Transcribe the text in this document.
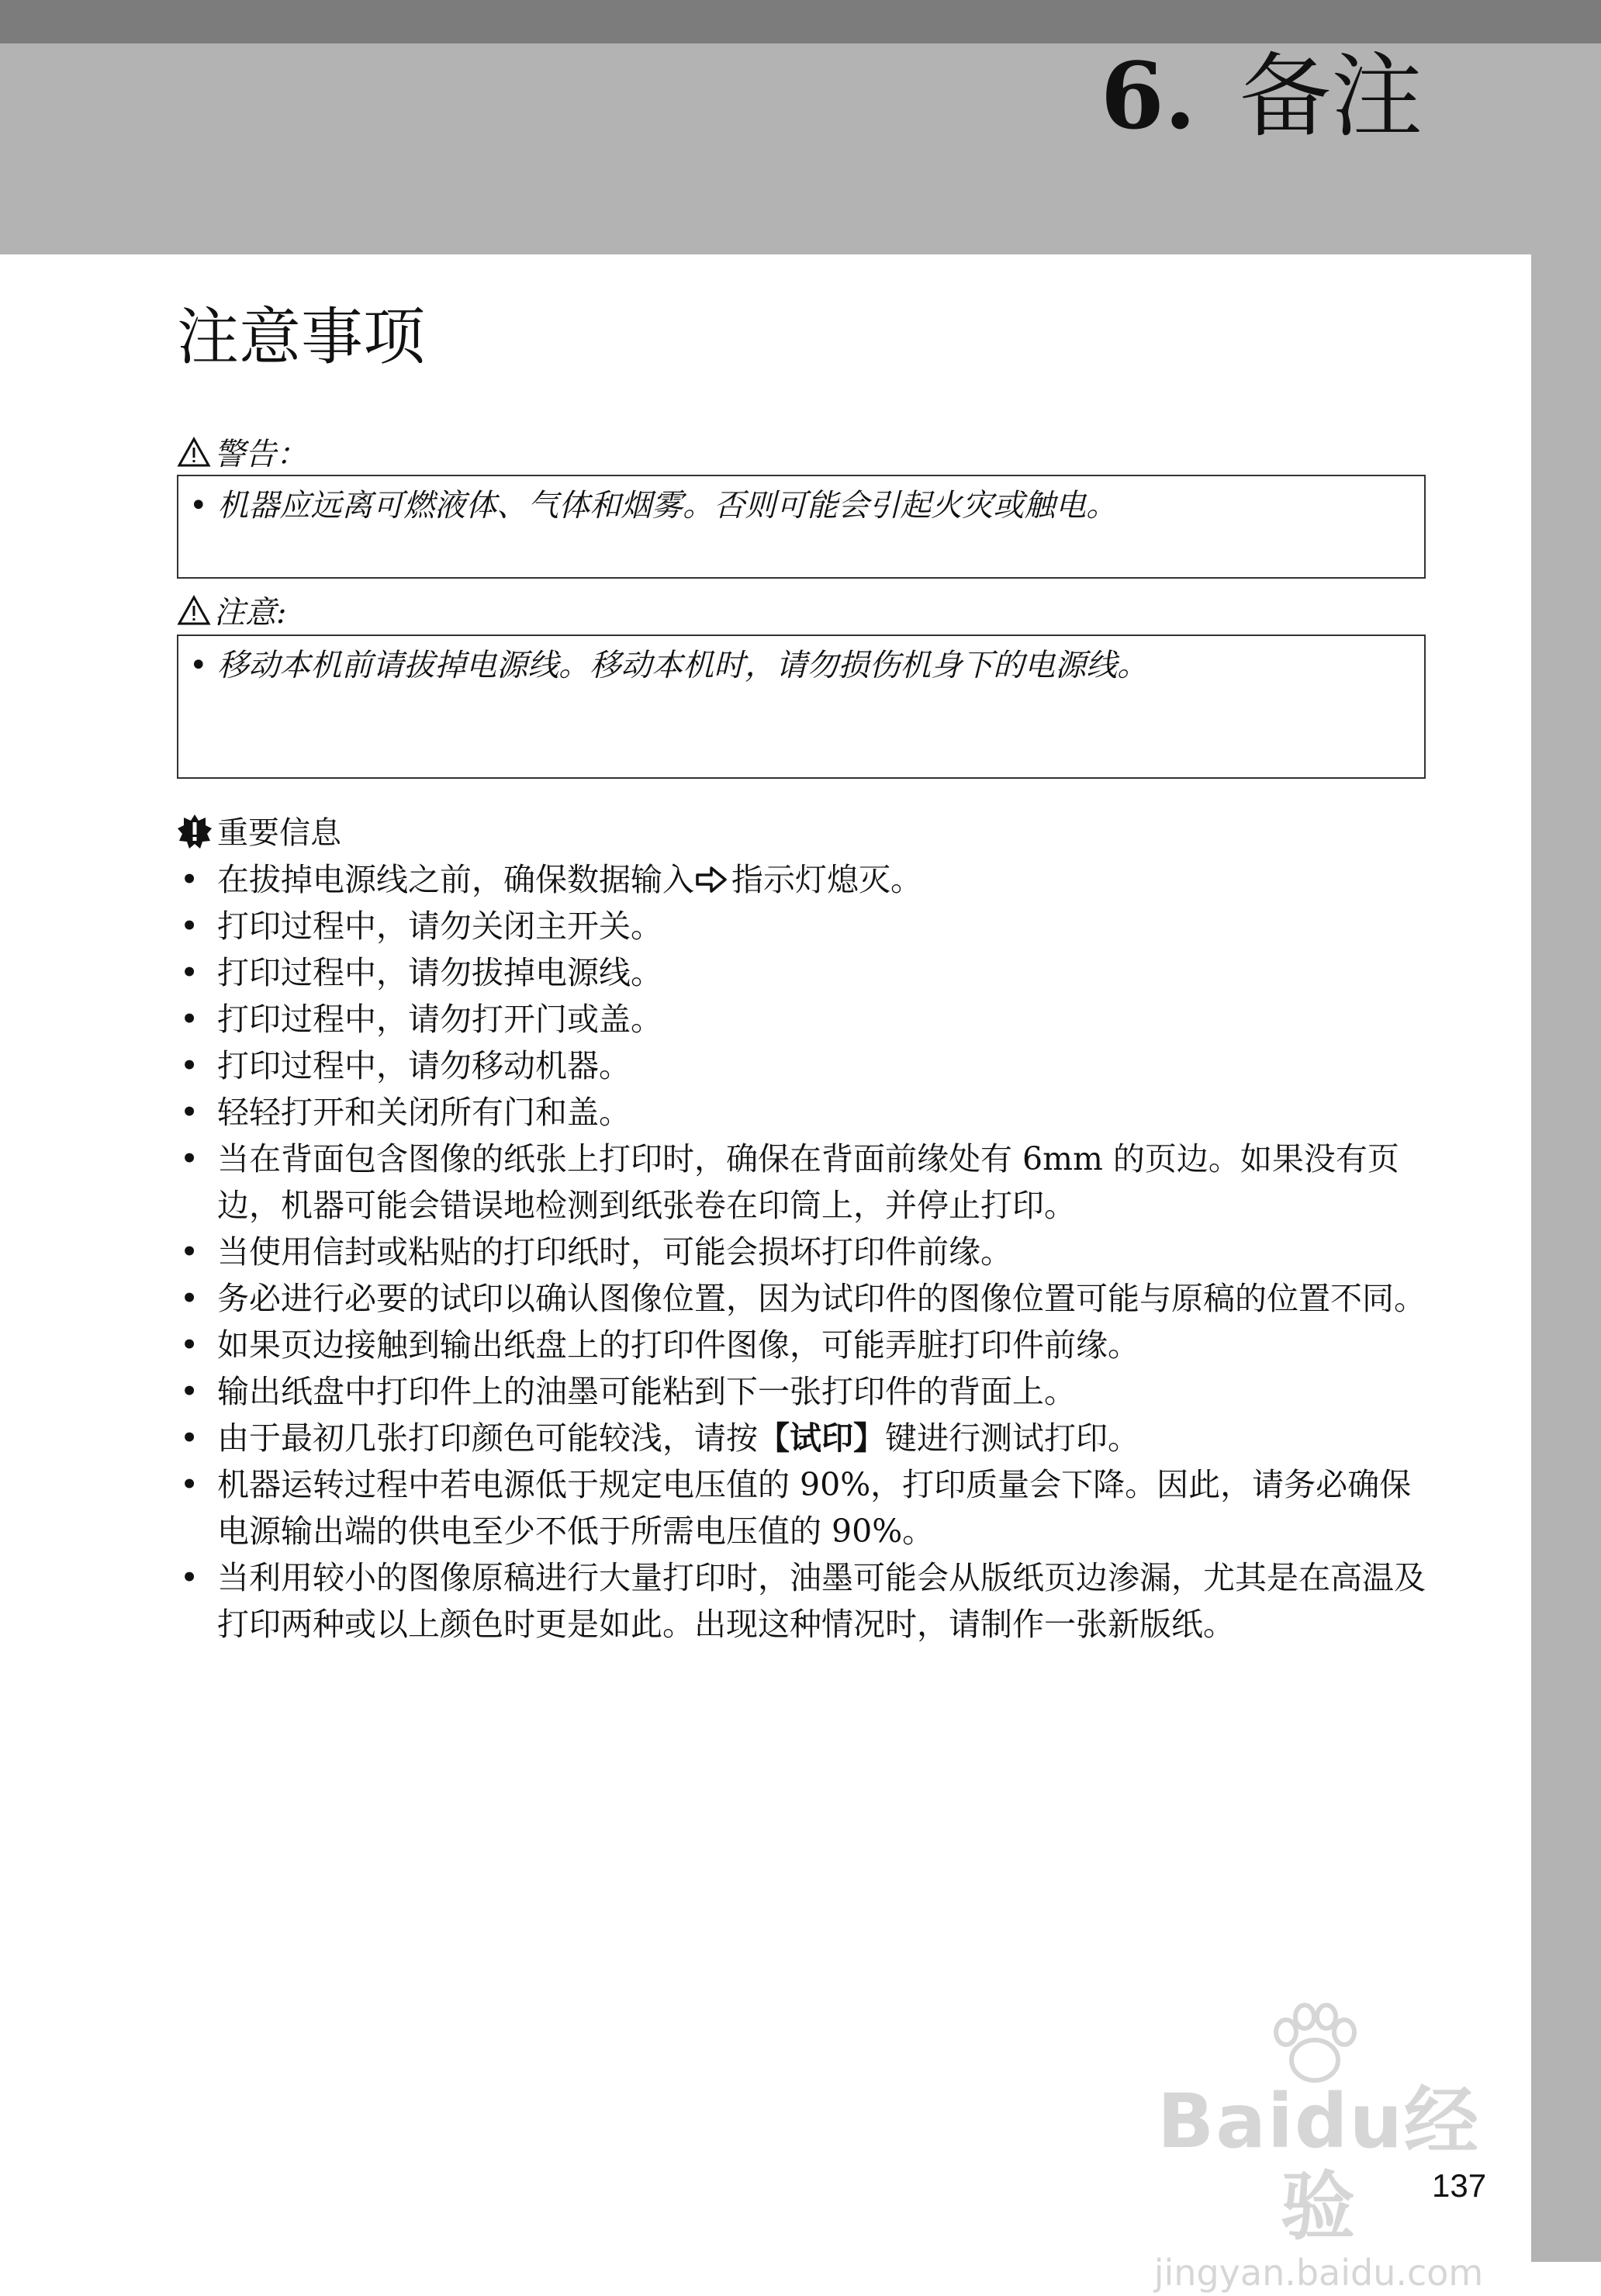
6. 备注
注意事项
警告：
• 机器应远离可燃液体、气体和烟雾。否则可能会引起火灾或触电。
注意:
• 移动本机前请拔掉电源线。移动本机时，请勿损伤机身下的电源线。
重要信息
• 在拔掉电源线之前，确保数据输入 指示灯熄灭。
• 打印过程中，请勿关闭主开关。
• 打印过程中，请勿拔掉电源线。
• 打印过程中，请勿打开门或盖。
• 打印过程中，请勿移动机器。
• 轻轻打开和关闭所有门和盖。
• 当在背面包含图像的纸张上打印时，确保在背面前缘处有 6mm 的页边。如果没有页边，机器可能会错误地检测到纸张卷在印筒上，并停止打印。
• 当使用信封或粘贴的打印纸时，可能会损坏打印件前缘。
• 务必进行必要的试印以确认图像位置，因为试印件的图像位置可能与原稿的位置不同。
• 如果页边接触到输出纸盘上的打印件图像，可能弄脏打印件前缘。
• 输出纸盘中打印件上的油墨可能粘到下一张打印件的背面上。
• 由于最初几张打印颜色可能较浅，请按【试印】键进行测试打印。
• 机器运转过程中若电源低于规定电压值的 90%，打印质量会下降。因此，请务必确保电源输出端的供电至少不低于所需电压值的 90%。
• 当利用较小的图像原稿进行大量打印时，油墨可能会从版纸页边渗漏，尤其是在高温及打印两种或以上颜色时更是如此。出现这种情况时，请制作一张新版纸。
Baidu经验
jingyan.baidu.com
137
